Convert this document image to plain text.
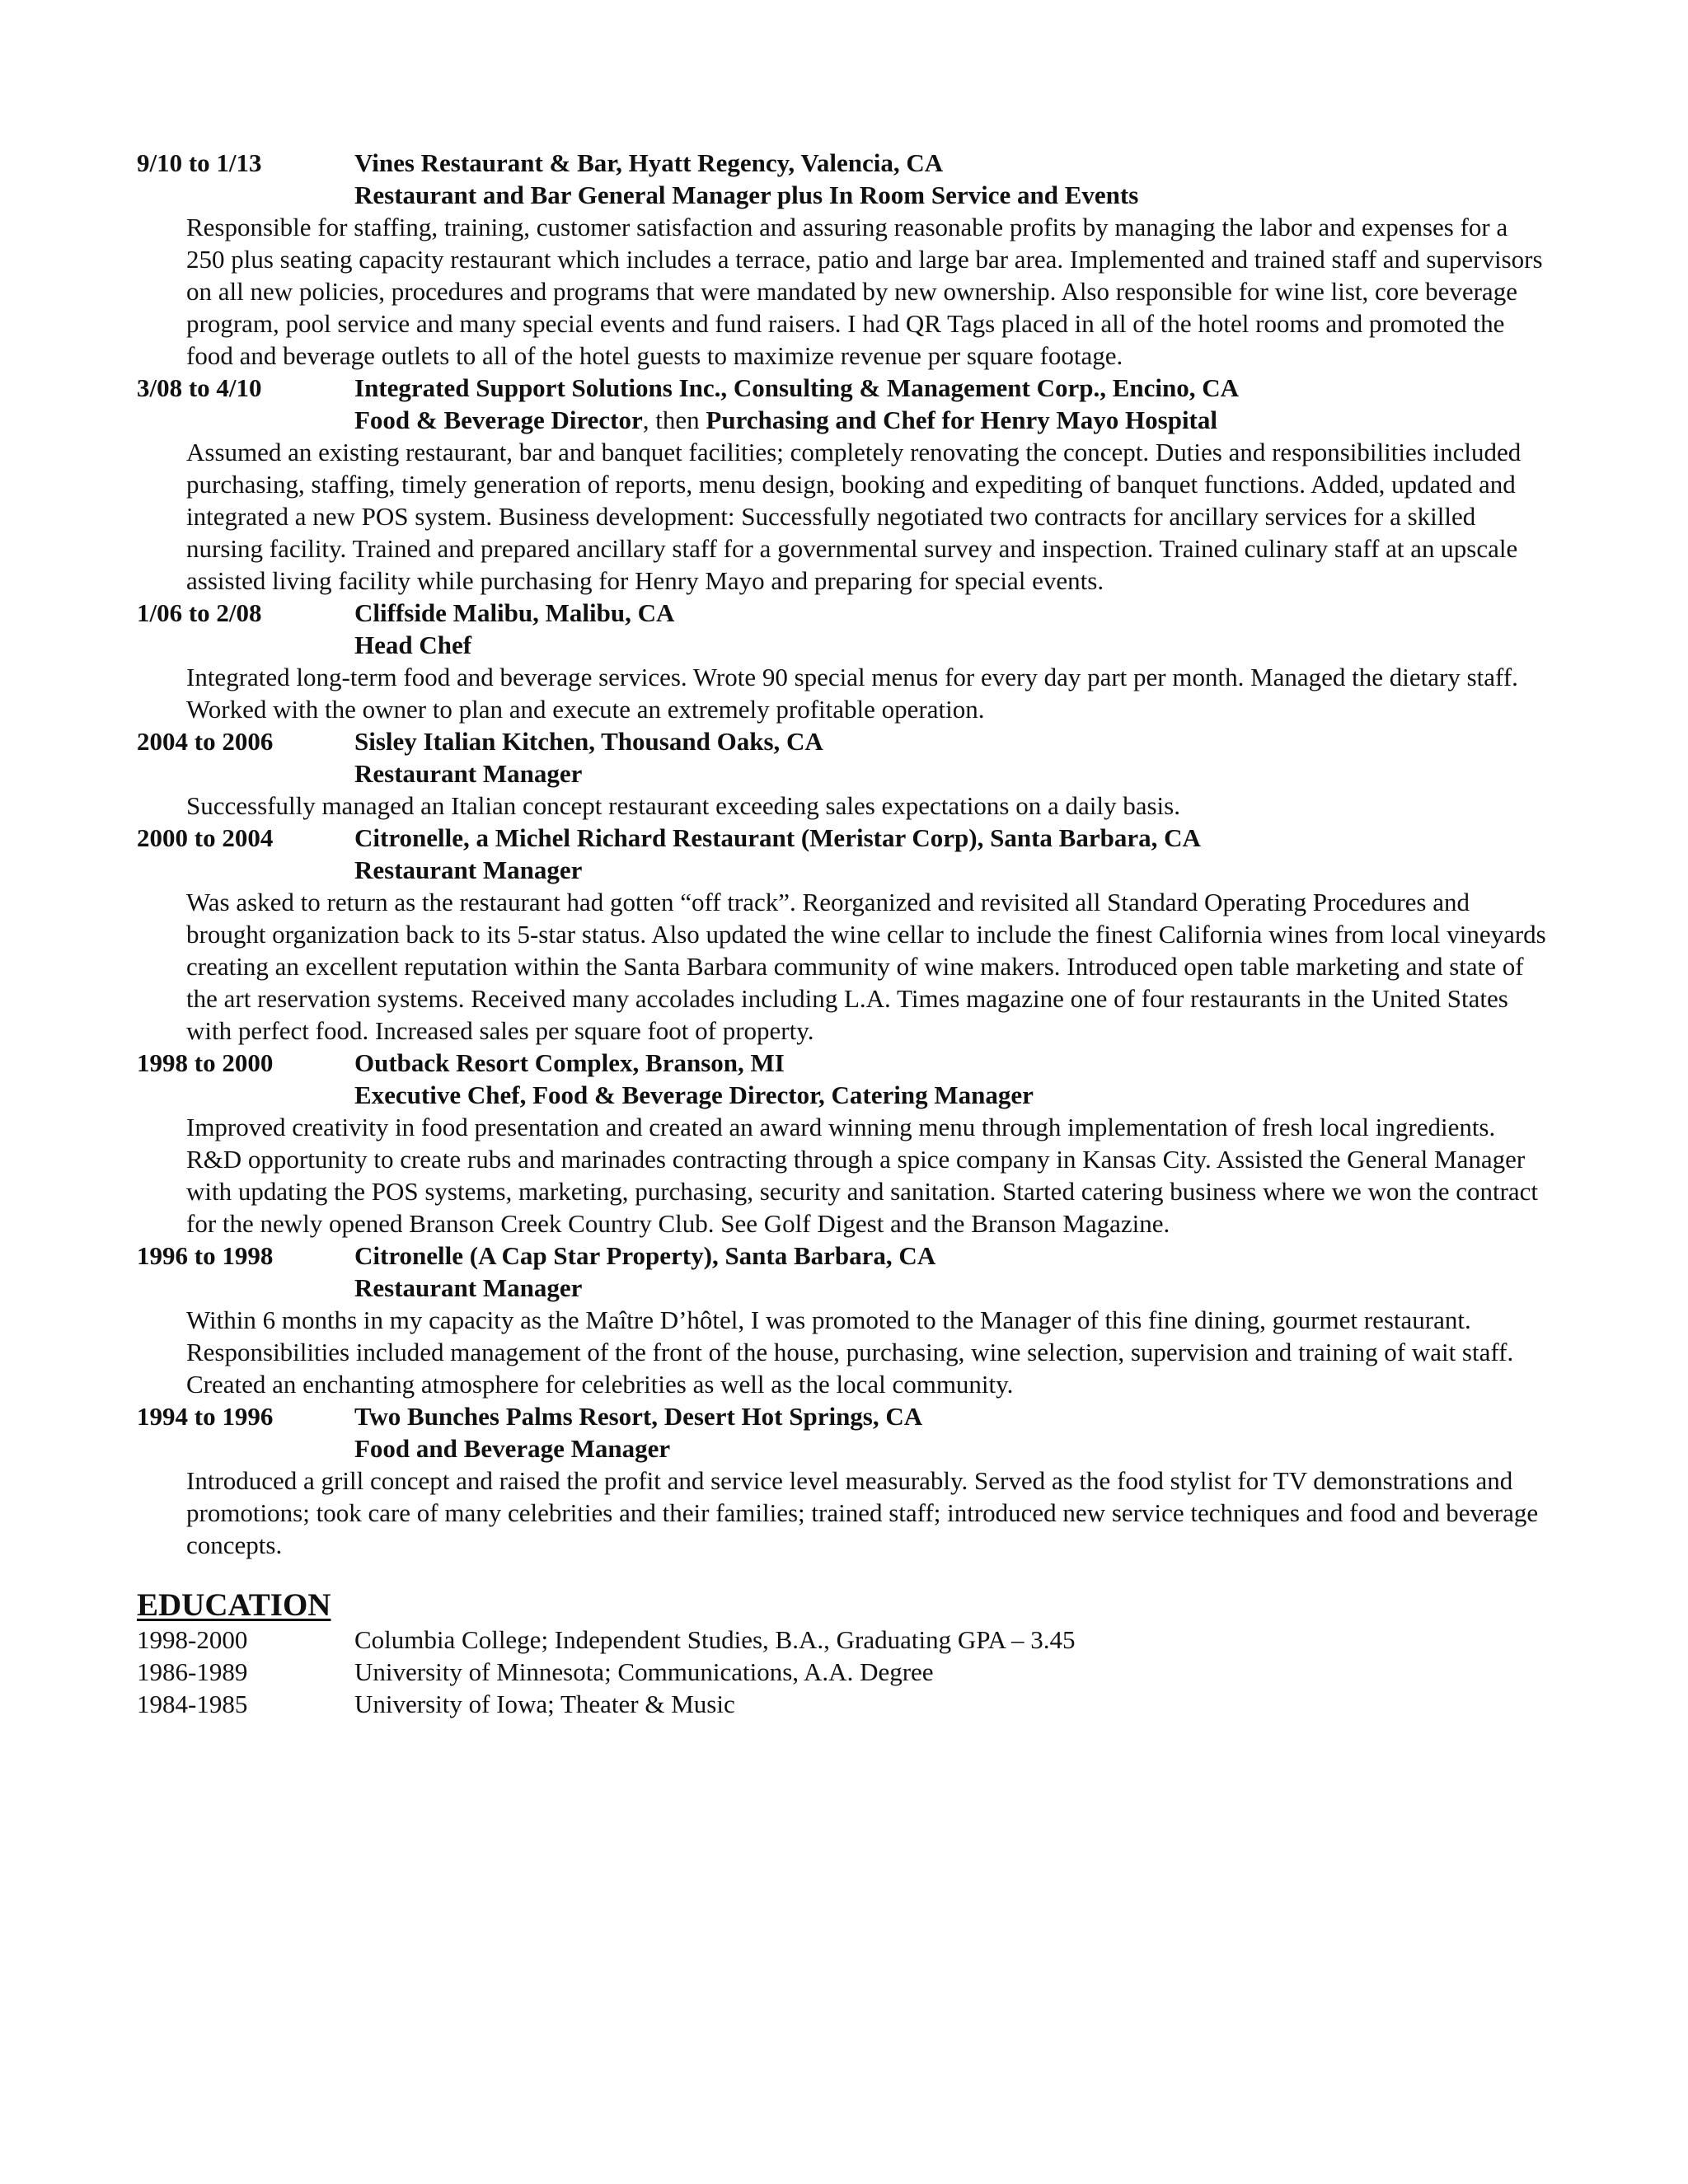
9/10 to 1/13	Vines Restaurant & Bar, Hyatt Regency, Valencia, CA
Restaurant and Bar General Manager plus In Room Service and Events
Responsible for staffing, training, customer satisfaction and assuring reasonable profits by managing the labor and expenses for a 250 plus seating capacity restaurant which includes a terrace, patio and large bar area. Implemented and trained staff and supervisors on all new policies, procedures and programs that were mandated by new ownership. Also responsible for wine list, core beverage program, pool service and many special events and fund raisers. I had QR Tags placed in all of the hotel rooms and promoted the food and beverage outlets to all of the hotel guests to maximize revenue per square footage.
3/08 to 4/10	Integrated Support Solutions Inc., Consulting & Management Corp., Encino, CA
Food & Beverage Director, then Purchasing and Chef for Henry Mayo Hospital
Assumed an existing restaurant, bar and banquet facilities; completely renovating the concept. Duties and responsibilities included purchasing, staffing, timely generation of reports, menu design, booking and expediting of banquet functions. Added, updated and integrated a new POS system. Business development: Successfully negotiated two contracts for ancillary services for a skilled nursing facility. Trained and prepared ancillary staff for a governmental survey and inspection. Trained culinary staff at an upscale assisted living facility while purchasing for Henry Mayo and preparing for special events.
1/06 to 2/08	Cliffside Malibu, Malibu, CA
Head Chef
Integrated long-term food and beverage services. Wrote 90 special menus for every day part per month. Managed the dietary staff. Worked with the owner to plan and execute an extremely profitable operation.
2004 to 2006	Sisley Italian Kitchen, Thousand Oaks, CA
Restaurant Manager
Successfully managed an Italian concept restaurant exceeding sales expectations on a daily basis.
2000 to 2004	Citronelle, a Michel Richard Restaurant (Meristar Corp), Santa Barbara, CA
Restaurant Manager
Was asked to return as the restaurant had gotten “off track”. Reorganized and revisited all Standard Operating Procedures and brought organization back to its 5-star status. Also updated the wine cellar to include the finest California wines from local vineyards creating an excellent reputation within the Santa Barbara community of wine makers. Introduced open table marketing and state of the art reservation systems. Received many accolades including L.A. Times magazine one of four restaurants in the United States with perfect food. Increased sales per square foot of property.
1998 to 2000	Outback Resort Complex, Branson, MI
Executive Chef, Food & Beverage Director, Catering Manager
Improved creativity in food presentation and created an award winning menu through implementation of fresh local ingredients. R&D opportunity to create rubs and marinades contracting through a spice company in Kansas City. Assisted the General Manager with updating the POS systems, marketing, purchasing, security and sanitation. Started catering business where we won the contract for the newly opened Branson Creek Country Club. See Golf Digest and the Branson Magazine.
1996 to 1998	Citronelle (A Cap Star Property), Santa Barbara, CA
Restaurant Manager
Within 6 months in my capacity as the Maître D’hôtel, I was promoted to the Manager of this fine dining, gourmet restaurant. Responsibilities included management of the front of the house, purchasing, wine selection, supervision and training of wait staff. Created an enchanting atmosphere for celebrities as well as the local community.
1994 to 1996	Two Bunches Palms Resort, Desert Hot Springs, CA
Food and Beverage Manager
Introduced a grill concept and raised the profit and service level measurably. Served as the food stylist for TV demonstrations and promotions; took care of many celebrities and their families; trained staff; introduced new service techniques and food and beverage concepts.
EDUCATION
1998-2000	Columbia College; Independent Studies, B.A., Graduating GPA – 3.45
1986-1989	University of Minnesota; Communications, A.A. Degree
1984-1985	University of Iowa; Theater & Music
